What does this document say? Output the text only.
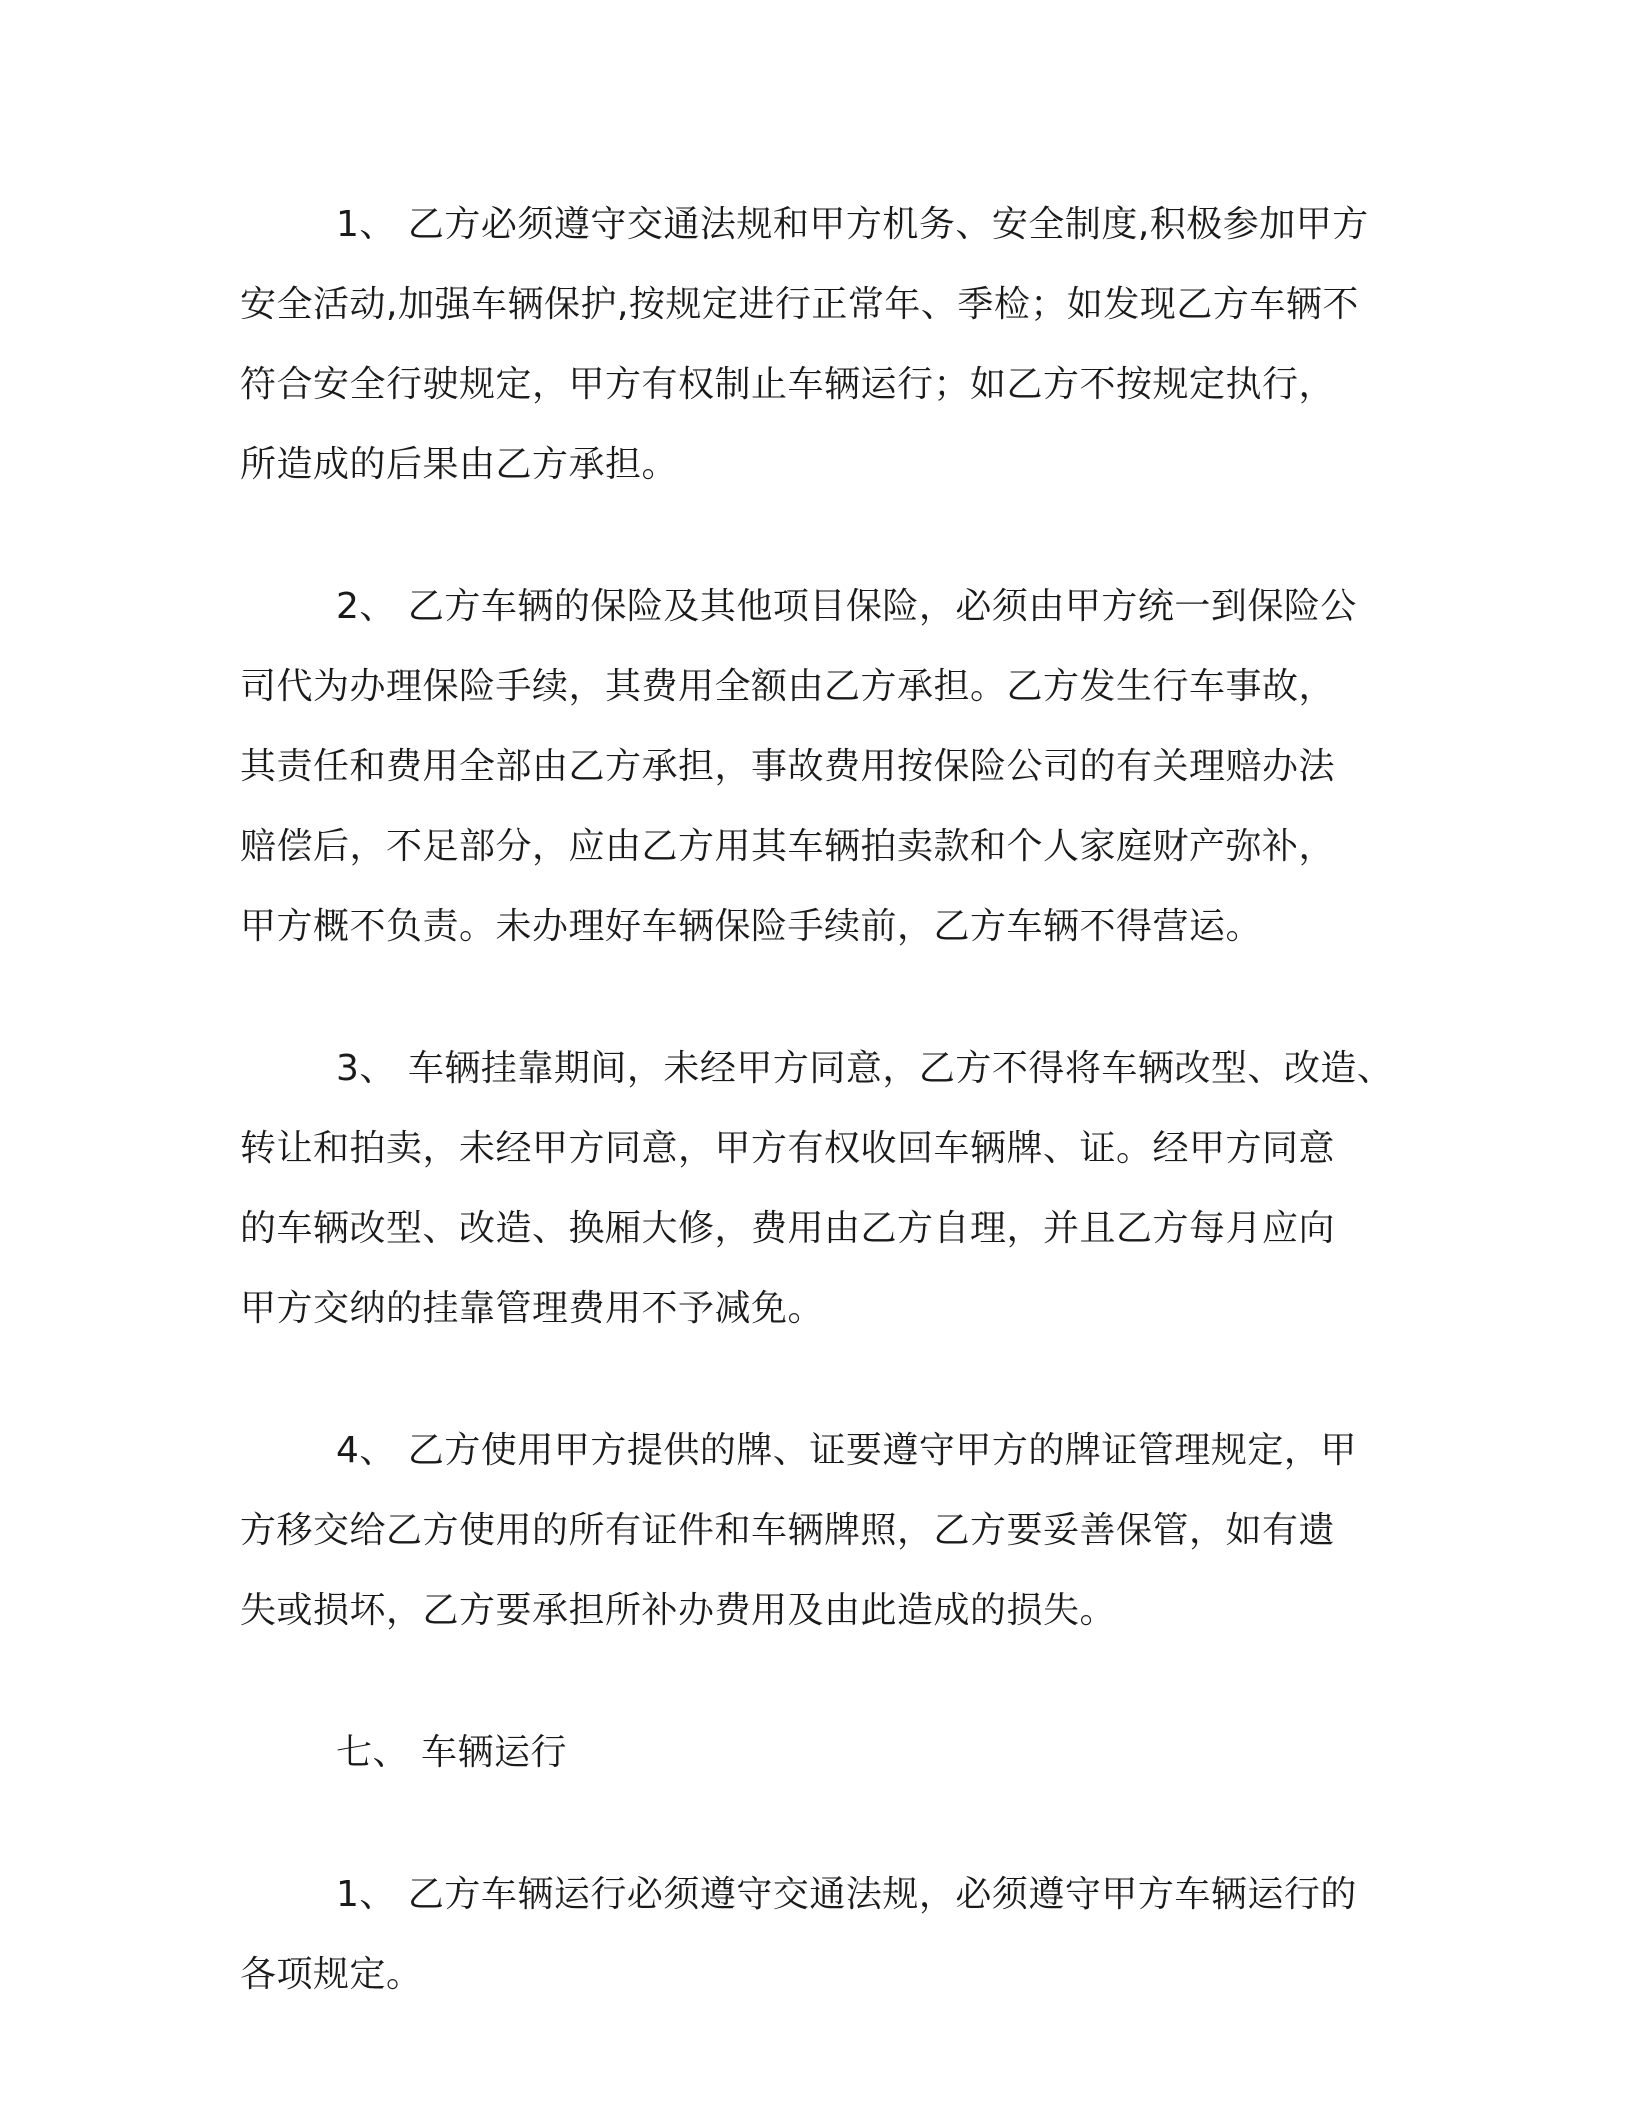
1、 乙方必须遵守交通法规和甲方机务、安全制度,积极参加甲方
安全活动,加强车辆保护,按规定进行正常年、季检；如发现乙方车辆不
符合安全行驶规定，甲方有权制止车辆运行；如乙方不按规定执行，
所造成的后果由乙方承担。
2、 乙方车辆的保险及其他项目保险，必须由甲方统一到保险公
司代为办理保险手续，其费用全额由乙方承担。乙方发生行车事故，
其责任和费用全部由乙方承担，事故费用按保险公司的有关理赔办法
赔偿后，不足部分，应由乙方用其车辆拍卖款和个人家庭财产弥补，
甲方概不负责。未办理好车辆保险手续前，乙方车辆不得营运。
3、 车辆挂靠期间，未经甲方同意，乙方不得将车辆改型、改造、
转让和拍卖，未经甲方同意，甲方有权收回车辆牌、证。经甲方同意
的车辆改型、改造、换厢大修，费用由乙方自理，并且乙方每月应向
甲方交纳的挂靠管理费用不予减免。
4、 乙方使用甲方提供的牌、证要遵守甲方的牌证管理规定，甲
方移交给乙方使用的所有证件和车辆牌照，乙方要妥善保管，如有遗
失或损坏，乙方要承担所补办费用及由此造成的损失。
七、 车辆运行
1、 乙方车辆运行必须遵守交通法规，必须遵守甲方车辆运行的
各项规定。
